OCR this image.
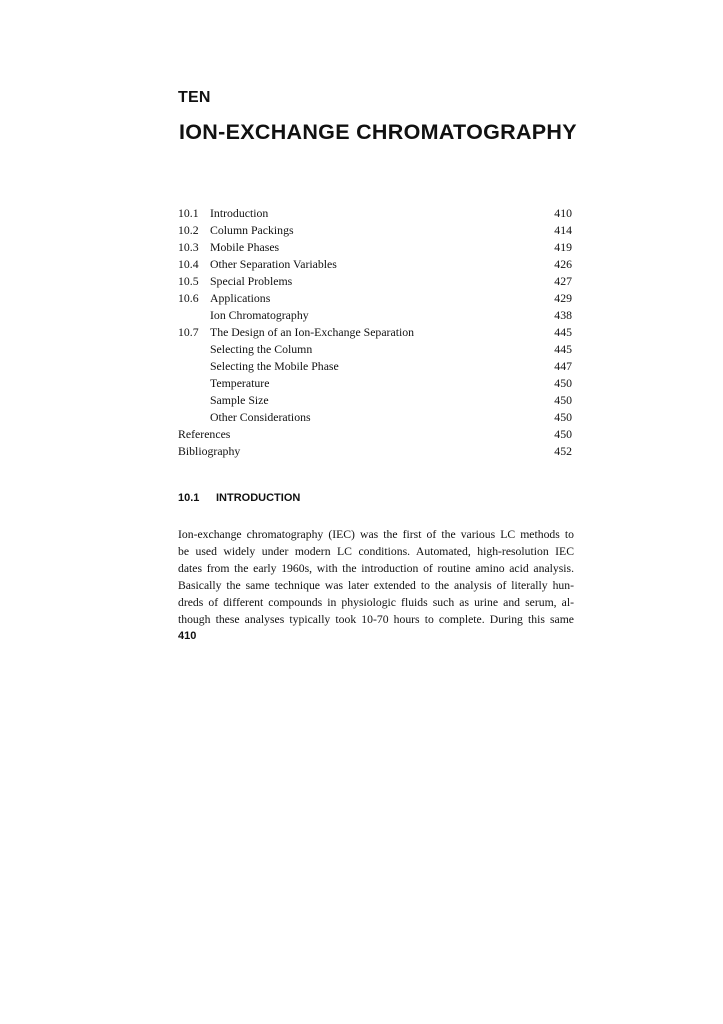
TEN
ION-EXCHANGE CHROMATOGRAPHY
10.1 Introduction	410
10.2 Column Packings	414
10.3 Mobile Phases	419
10.4 Other Separation Variables	426
10.5 Special Problems	427
10.6 Applications	429
Ion Chromatography	438
10.7 The Design of an Ion-Exchange Separation	445
Selecting the Column	445
Selecting the Mobile Phase	447
Temperature	450
Sample Size	450
Other Considerations	450
References	450
Bibliography	452
10.1 INTRODUCTION
Ion-exchange chromatography (IEC) was the first of the various LC methods to
be used widely under modern LC conditions. Automated, high-resolution IEC
dates from the early 1960s, with the introduction of routine amino acid analysis.
Basically the same technique was later extended to the analysis of literally hun-
dreds of different compounds in physiologic fluids such as urine and serum, al-
though these analyses typically took 10-70 hours to complete. During this same
410
